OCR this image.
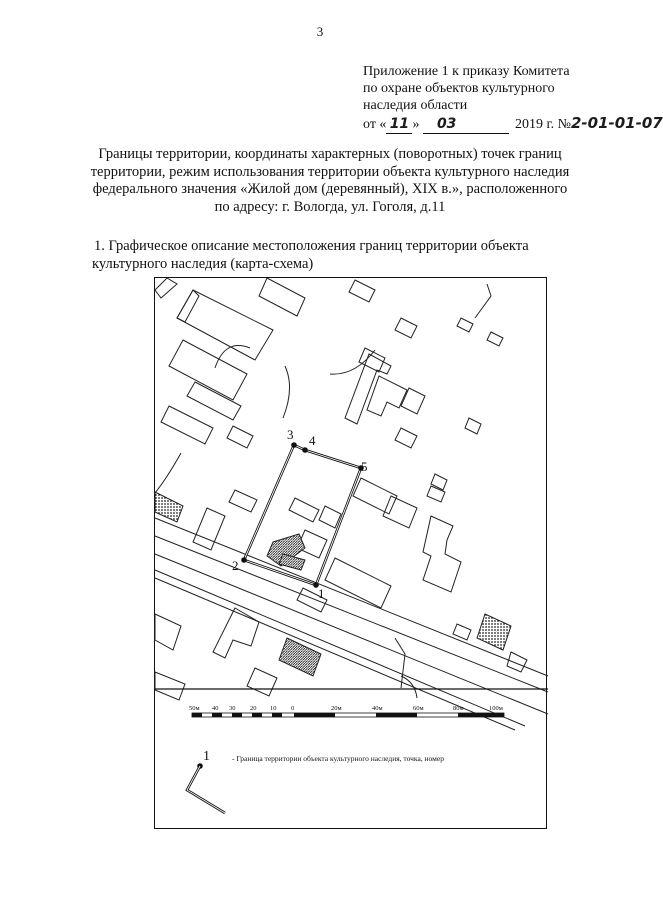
3
Приложение 1 к приказу Комитета
по охране объектов культурного
наследия области
от « 11 » 03	2019 г. №2-01-01-07
Границы территории, координаты характерных (поворотных) точек границ
территории, режим использования территории объекта культурного наследия
федерального значения «Жилой дом (деревянный), XIX в.», расположенного
по адресу: г. Вологда, ул. Гоголя, д.11
1. Графическое описание местоположения границ территории объекта
культурного наследия (карта-схема)
1
2
3 4
5
50м 40 30 20 10 0	20м	40м	60м	80м	100м
1	- Граница территории объекта культурного наследия, точка, номер
